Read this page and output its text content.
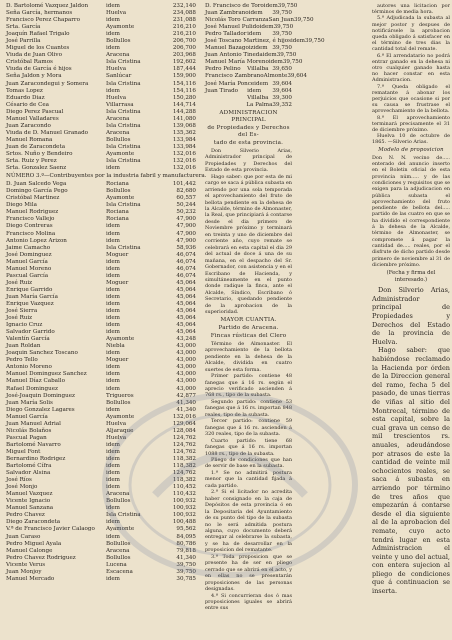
D. Bartolomé Vazquez Jaldon	idem	232,140
Seña García, hermanos	Huelva	234,088
Francisco Perez Chaparro	idem	231,088
Srta. García	Ayamonte	216,210
Joaquín Rafael Trigalo	idem	216,210
José Parrilla	Bollullos	206,700
Miguel de los Cuantes	idem	206,700
Viuda de Juan Olivo	Aracena	203,968
Cristóbal Ramos	Isla Cristina	192,602
Viuda de García é hijos	Huelva	187,444
Seña Jaldon y Mora	Sanlúcar	159,900
Juan Zaracondegui y Somera	Isla Cristina	154,116
Tomas Lopez	idem	154,116
Eduardo Diaz	Huelva	150,280
Césario de Cea	Villarrasa	144,714
Diego Perez Pascual	Isla Cristina	144,288
Manuel Valladares	Aracena	141,080
Juan Zaracondo	Isla Cristina	139,068
Viuda de D. Manuel Granado	Aracena	135,362
Manuel Romana	Bollullos	133,984
Juan de Zaracondeta	Isla Cristina	133,984
Srtos. Nuño y Bendeiro	Ayamonte	132,016
Srta. Ruiz y Perez	Isla Cristina	132,016
Srta. Gonzalez Saenz	idem	132,016
NÚMERO 3.º—Contribuyentes por la industria fabril y manufacturera.
D. Juan Salcedo Vega	Rociana	101,442
Domingo García Pego	Bollullos	82,680
Cristóbal Martinez	Ayamonte	60,557
Diego Mila	Isla Cristina	50,244
Manuel Rodriguez	Rociana	50,232
Francisco Vallejo	Rociana	47,900
Diego Contreras	idem	47,900
Francisco Molina	idem	47,900
Antonio Lopez Arizon	idem	47,900
Jaime Camacho	Isla Cristina	58,936
José Dominguez	Moguer	46,074
Manuel García	idem	46,074
Manuel Moreno	idem	46,074
Pascual García	idem	46,074
José Ruiz	Moguer	45,064
Enrique Garrido	idem	45,064
Juan María García	idem	45,064
Enrique Vazquez	idem	45,064
José Sierra	idem	45,064
José Ruiz	idem	45,064
Ignacio Cruz	idem	45,064
Salvador Garrido	idem	45,064
Valentín García	Ayamonte	43,248
Juan Roldan	Niebla	43,000
Joaquin Sanchez Toscano	idem	43,000
Pedro Tello	Moguer	43,000
Antonio Moreno	idem	43,000
Manuel Dominguez Sanchez	idem	43,000
Manuel Díaz Caballo	idem	43,000
Rafael Dominguez	idem	43,000
José-Joaquin Dominguez	Trigueros	42,877
Juan María Solis	Bollullos	41,340
Diego Gonzalez Lagares	idem	41,340
Manuel García	Ayamonte	132,016
Juan Manuel Adrial	Huelva	129,064
Nicolás Bolaños	Aljaraque	128,084
Pascual Pagan	Huelva	124,762
Bartolomé Navarro	idem	124,762
Miguel Font	idem	124,762
Bernardino Rodrigez	idem	118,382
Bartolomé Cífra	idem	118,382
Salvador Alsina	idem	124,762
José Ríos	idem	118,382
José Monjo	idem	110,452
Manuel Vazquez	Aracena	110,432
Vicente Ignacio	Bollullos	100,932
Manuel Sanzana	idem	100,932
Pedro Chavez	Isla Cristina	100,932
Diego Zaracondeta	idem	100,488
V.ª de Francisco Javier Calaogo	Ayamonte	95,562
Juan Caraso	idem	84,095
Pedro Miguel Ayala	Bollullos	80,786
Manuel Calonge	Aracena	79,818
Pedro Chavez Rodriguez	Bollullos	41,340
Vicente Verus	Lucena	39,750
Juan Monjoy	Escacena	39,750
Manuel Mercado	idem	30,785
D. Francisco de Toro idem 39,750
Juan Zambrano idem	39,750
Nicolás Toro Carranza San Juan 39,750
José Manuel Pulido idem 39,750
Pedro Tallador idem	39,750
José Toscano Martinez, é hijos idem 39,750
Manuel Bazagoiz idem 39,750
Juan Antonio Tineda idem 39,750
Manuel María Moreno idem 39,750
Pedro Pelino	Villalba 39,650
Francisco Zambrano Almonte 39,604
José María Ponce idem 39,604
Juan Tirado	idem	39,604
Villalba 39,300
La Palma 39,352
ADMINISTRACION PRINCIPAL
de Propiedades y Derechos del Es-
tado de esta provincia.

Don Silverio Arias, Administrador principal de Propiedades y Derechos del Estado de esta provincia.

Hago saber: que por esta de mi cargo se saca á pública subasta en arriendo por una sola temporada el aprovechamiento del fruto de bellota pendiente en la dehesa de la Alcalde, término de Almonaster, la Real, que principiará á contarse desde el dia primero de Noviembre próximo y terminará en treinta y uno de diciembre del corriente año, cuyo remate se celebrará en esta capital el dia 29 del actual de doce á una de su mañana, en el despacho del Sr. Gobernador, con asistencia y en el Escribano de Hacienda, y simultáneamente en el punto donde radique la finca, ante el Alcalde, Síndico, Escribano ó Secretario, quedando pendiente de la aprobacion de la superioridad.

MAYOR CUANTIA.
Partido de Aracena.
Fincas rústicas del Clero

Término de Almonaster. El aprovechamiento de la bellota pendiente en la dehesa de la Alcalde, dividida en cuatro suertes de esta forma.

Primer partido: contiene 48 fanegas que á 16 rs. según el aprecio verificado ascienden á 768 rs., tipo de la subasta.

Segundo partido: contiene 53 fanegas que á 16 rs. importan 848 reales, tipo de la subasta.

Tercer partido: contiene 59 fanegas que á 16 rs. ascienden á 320 reales, tipo de la subasta.

Cuarto partido: tiene 68 fanegas que á 16 rs. importan 1088 rs., tipo de la subasta.

Pliego de condiciones que han de servir de base en la subasta.

1.ª Se no admitirá postura menor que la cantidad fijada á cada partido.

2.ª Si el licitador no acredita haber consignado en la caja de Depósitos de esta provincia ó en la Depositaría del Ayuntamiento de su punto del tipo de la subasta no le será admitida postura alguna, cuyo documento deberá entregar al celebrarse la subasta, y se ha de desarrollar en la proposicion del rematante.

3.ª Toda proposicion que se presente ha de ser en pliego cerrado que se abrirá en el acto, y en ellas no se presentarán proposiciones de las personas designadas.

4.ª Si concurrieran dos ó mas proposiciones iguales se abrirá entre sus

autores una licitacion por términos de media hora.

5.ª Adjudicada la subasta al mejor postor y despues de notificársele la aprobacion queda obligado á satisfacer en el término de tres dias la cantidad total del remate.

6.ª El arrendatario no podrá entrar ganado en la dehesa ni otro cualquier ganado hasta no hacer constar en esta Administracion.

7.ª Queda obligado el rematante á abonar los perjuicios que ocasione si por su causa se frustrase el aprovechamiento de la bellota.

8.ª El aprovechamiento terminará precisamente el 31 de diciembre próximo.

Huelva 10 de octubre de 1865. —Silverio Arias.

Modelo de proposicion

Don N. N. vecino de..... enterado del anuncio inserto en el Boletin oficial de esta provincia núm..... y de las condiciones y requisitos que se exigen para la adjudicacion en pública subasta el aprovechamiento del fruto pendiente de bellota del..... partido de las cuatro en que se ha dividido el correspondiente á la dehesa de la Alcalde, término de Almonaster, se compromete á pagar la cantidad de..... reales, por el disfrute de dicho partido desde primero de noviembre al 31 de diciembre próximo.

(Fecha y firma del interesado.)

Don Silverio Arias, Administrador principal de Propiedades y Derechos del Estado de la provincia de Huelva.

Hago saber: que habiéndose reclamado la Hacienda por órden de la Direccion general del ramo, fecha 5 del pasado, de unas tierras de viñas al sitio del Montrecal, término de esta capital, sobre la cual grava un censo de mil trescientos rs. anuales, adeudándose por atrasos de este la cantidad de veinte mil ochocientos reales, se saca á subasta en arriendo por término de tres años que empezarán á contarse desde el dia siguiente al de la aprobacion del remate, cuyo acto tendrá lugar en esta Administracion el veinte y uno del actual, con entera sujecion al pliego de condiciones que á continuacion se inserta.
